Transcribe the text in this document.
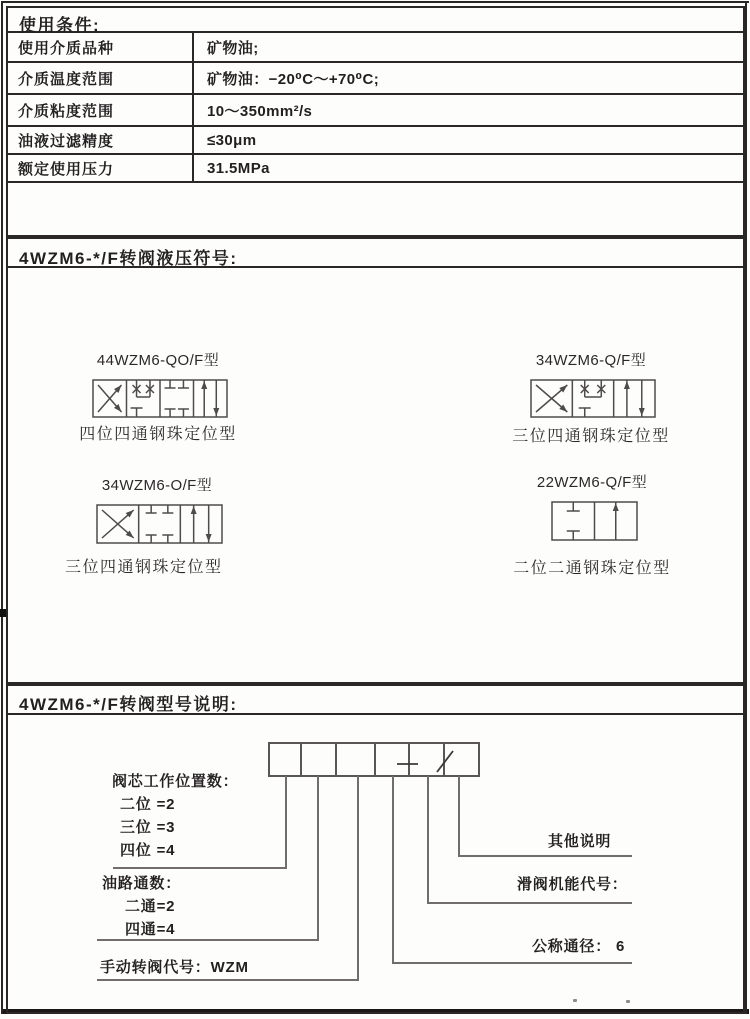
使用条件:
使用介质品种	矿物油;
介质温度范围	矿物油：−20⁰C～+70⁰C;
介质粘度范围	10～350mm²/s
油液过滤精度	≤30μm
额定使用压力	31.5MPa
4WZM6-*/F转阀液压符号:
44WZM6-QO/F型
四位四通钢珠定位型
34WZM6-Q/F型
三位四通钢珠定位型
34WZM6-O/F型
三位四通钢珠定位型
22WZM6-Q/F型
二位二通钢珠定位型
4WZM6-*/F转阀型号说明:
阀芯工作位置数：
二位 =2
三位 =3
四位 =4
油路通数：
二通=2
四通=4
手动转阀代号：WZM
其他说明
滑阀机能代号：
公称通径： 6
